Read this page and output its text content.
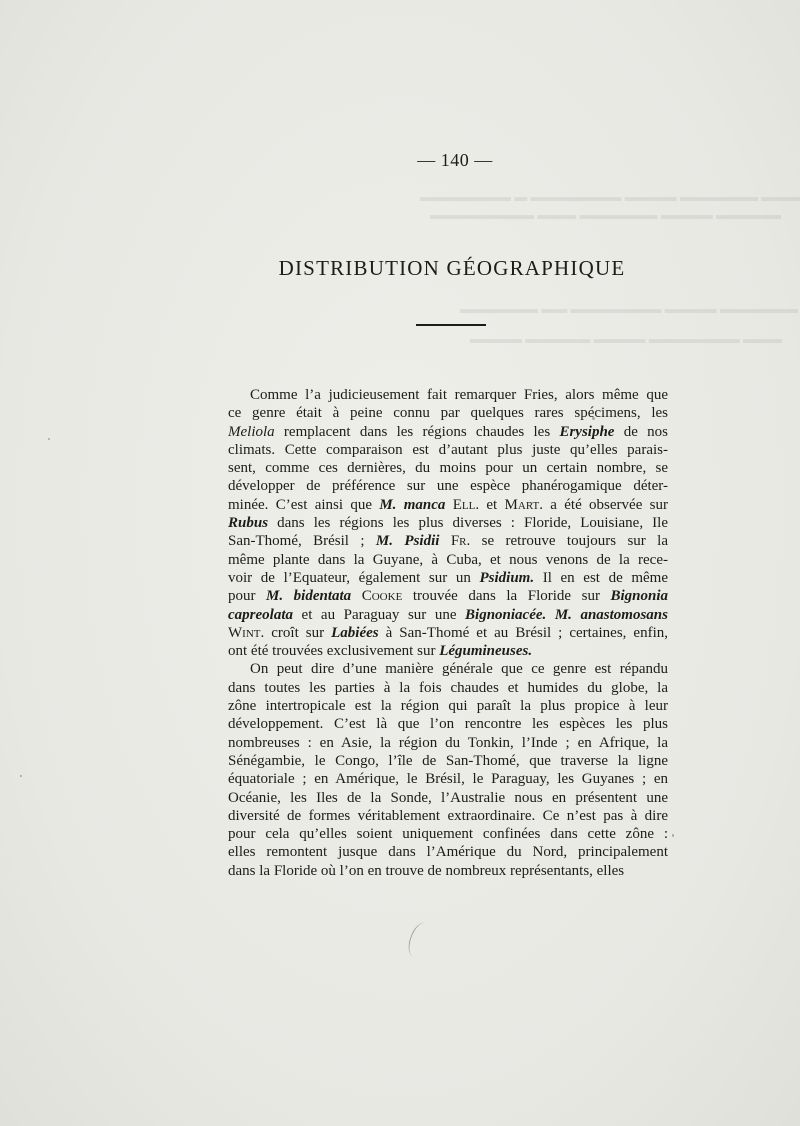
▬▬▬ ▬▬▬▬▬▬ ▬▬▬▬ ▬▬▬▬▬▬▬ ▬ ▬▬▬▬▬▬▬
▬▬▬▬▬ ▬▬▬▬ ▬▬▬▬▬▬ ▬▬▬ ▬▬▬▬▬▬▬▬
▬▬▬▬▬▬ ▬▬▬▬ ▬▬▬▬▬▬▬ ▬▬ ▬▬▬▬▬▬
▬▬▬ ▬▬▬▬▬▬▬ ▬▬▬▬ ▬▬▬▬▬ ▬▬▬▬
— 140 —
DISTRIBUTION GÉOGRAPHIQUE
Comme l’a judicieusement fait remarquer Fries, alors même que
ce genre était à peine connu par quelques rares spécimens, les
Meliola remplacent dans les régions chaudes les Erysiphe de nos
climats. Cette comparaison est d’autant plus juste qu’elles parais-
sent, comme ces dernières, du moins pour un certain nombre, se
développer de préférence sur une espèce phanérogamique déter-
minée. C’est ainsi que M. manca Ell. et Mart. a été observée sur
Rubus dans les régions les plus diverses : Floride, Louisiane, Ile
San-Thomé, Brésil ; M. Psidii Fr. se retrouve toujours sur la
même plante dans la Guyane, à Cuba, et nous venons de la rece-
voir de l’Equateur, également sur un Psidium. Il en est de même
pour M. bidentata Cooke trouvée dans la Floride sur Bignonia
capreolata et au Paraguay sur une Bignoniacée. M. anastomosans
Wint. croît sur Labiées à San-Thomé et au Brésil ; certaines, enfin,
ont été trouvées exclusivement sur Légumineuses.
On peut dire d’une manière générale que ce genre est répandu
dans toutes les parties à la fois chaudes et humides du globe, la
zône intertropicale est la région qui paraît la plus propice à leur
développement. C’est là que l’on rencontre les espèces les plus
nombreuses : en Asie, la région du Tonkin, l’Inde ; en Afrique, la
Sénégambie, le Congo, l’île de San-Thomé, que traverse la ligne
équatoriale ; en Amérique, le Brésil, le Paraguay, les Guyanes ; en
Océanie, les Iles de la Sonde, l’Australie nous en présentent une
diversité de formes véritablement extraordinaire. Ce n’est pas à dire
pour cela qu’elles soient uniquement confinées dans cette zône :
elles remontent jusque dans l’Amérique du Nord, principalement
dans la Floride où l’on en trouve de nombreux représentants, elles
